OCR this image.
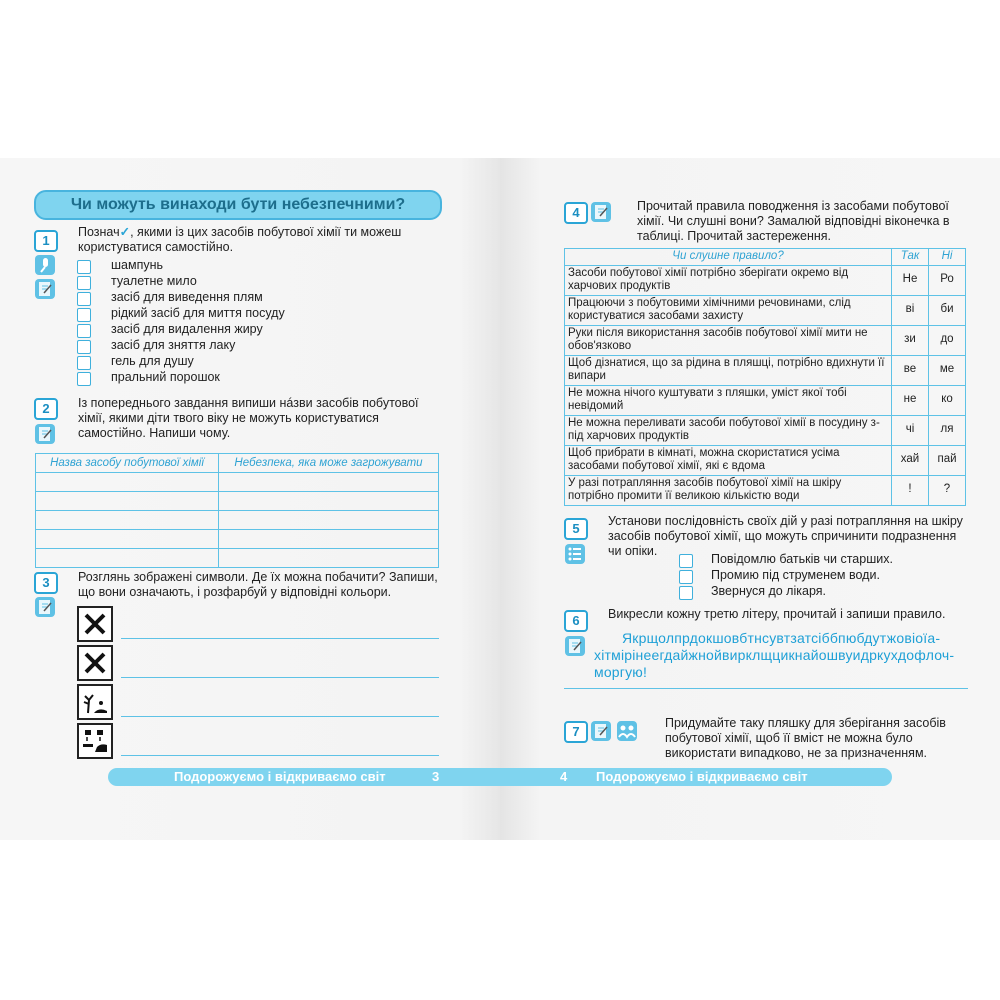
Чи можуть винаходи бути небезпечними?
1
Познач✓, якими із цих засобів побутової хімії ти можеш користуватися самостійно.
шампунь
туалетне мило
засіб для виведення плям
рідкий засіб для миття посуду
засіб для видалення жиру
засіб для зняття лаку
гель для душу
пральний порошок
2	Із попереднього завдання випиши нáзви засобів побутової хімії, якими діти твого віку не можуть користуватися самостійно. Напиши чому.
Назва засобу побутової хімії	Небезпека, яка може загрожувати

3	Розглянь зображені символи. Де їх можна побачити? Запиши, що вони означають, і розфарбуй у відповідні кольори.
Подорожуємо і відкриваємо світ	3
4	Прочитай правила поводження із засобами побутової хімії. Чи слушні вони? Замалюй відповідні віконечка в таблиці. Прочитай застереження.
Чи слушне правило?	Так	Ні
Засоби побутової хімії потрібно зберігати окремо від харчових продуктів	Не	Ро
Працюючи з побутовими хімічними речовинами, слід користуватися засобами захисту	ві	би
Руки після використання засобів побутової хімії мити не обов'язково	зи	до
Щоб дізнатися, що за рідина в пляшці, потрібно вдихнути її випари	ве	ме
Не можна нічого куштувати з пляшки, уміст якої тобі невідомий	не	ко
Не можна переливати засоби побутової хімії в посудину з-під харчових продуктів	чі	ля
Щоб прибрати в кімнаті, можна скористатися усіма засобами побутової хімії, які є вдома	хай	пай
У разі потрапляння засобів побутової хімії на шкіру потрібно промити її великою кількістю води	!	?
5	Установи послідовність своїх дій у разі потрапляння на шкіру засобів побутової хімії, що можуть спричинити подразнення чи опіки.
Повідомлю батьків чи старших.
Промию під струменем води.
Звернуся до лікаря.
6	Викресли кожну третю літеру, прочитай і запиши правило.
Якрщолпрдокшовбтнсувтзатсіббпюбдутжовіоїа-
хітмірінеегдайжнойвирклщцикнайошвуидркухдофлоч-
моргую!
7
Придумайте таку пляшку для зберігання засобів побутової хімії, щоб її вміст не можна було використати випадково, не за призначенням.
4 Подорожуємо і відкриваємо світ
